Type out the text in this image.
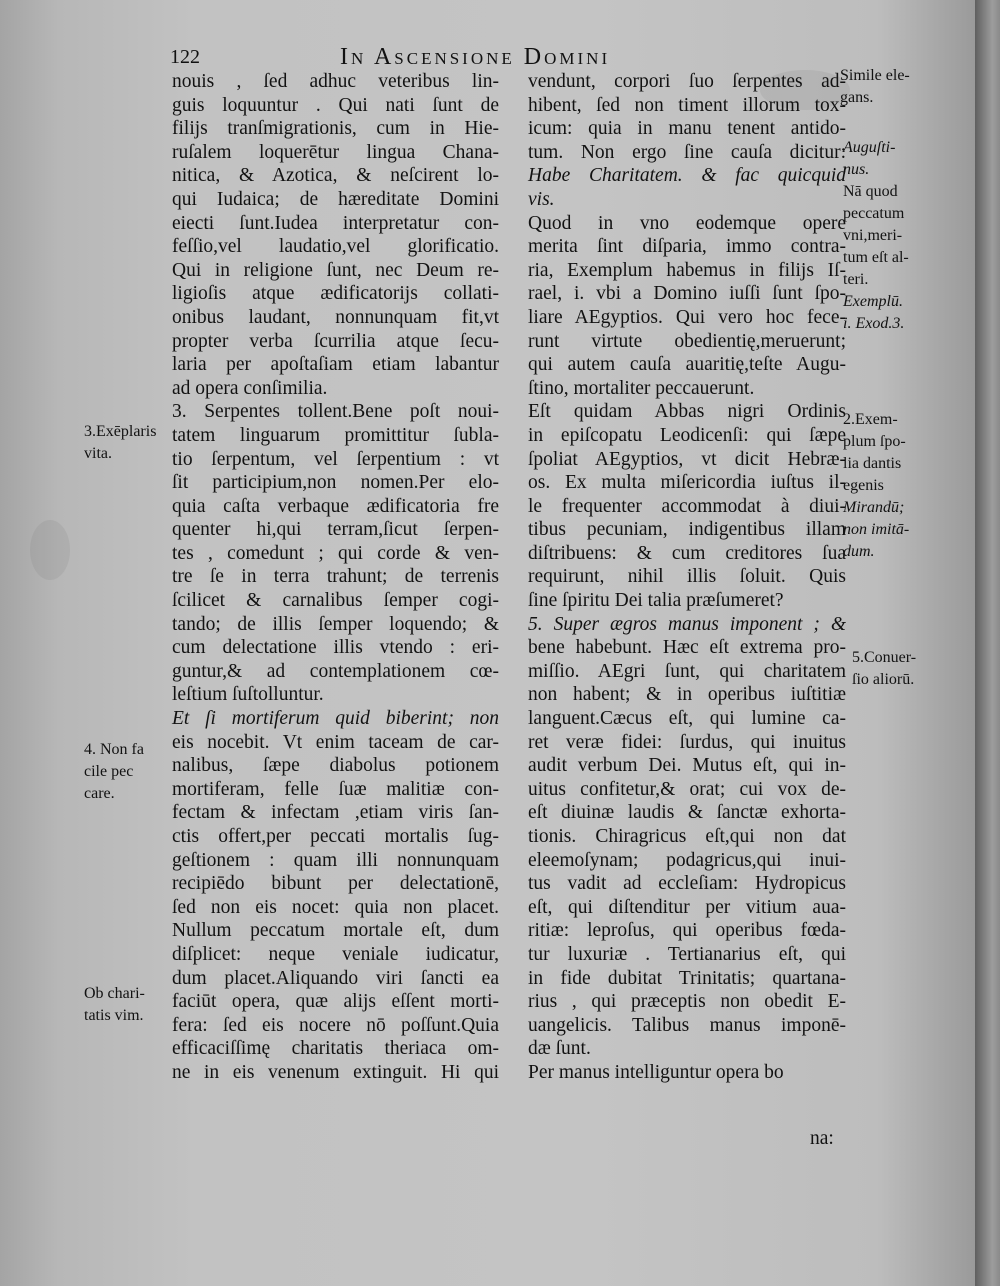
122	In Ascensione Domini
nouis , ſed adhuc veteribus lin-
guis loquuntur . Qui nati ſunt de
filijs tranſmigrationis, cum in Hie-
ruſalem loquerētur lingua Chana-
nitica, & Azotica, & neſcirent lo-
qui Iudaica; de hæreditate Domini
eiecti ſunt.Iudea interpretatur con-
feſſio,vel laudatio,vel glorificatio.
Qui in religione ſunt, nec Deum re-
ligioſis atque ædificatorijs collati-
onibus laudant, nonnunquam fit,vt
propter verba ſcurrilia atque ſecu-
laria per apoſtaſiam etiam labantur
ad opera conſimilia.
3. Serpentes tollent.Bene poſt noui-
tatem linguarum promittitur ſubla-
tio ſerpentum, vel ſerpentium : vt
ſit participium,non nomen.Per elo-
quia caſta verbaque ædificatoria fre
quenter hi,qui terram,ſicut ſerpen-
tes , comedunt ; qui corde & ven-
tre ſe in terra trahunt; de terrenis
ſcilicet & carnalibus ſemper cogi-
tando; de illis ſemper loquendo; &
cum delectatione illis vtendo : eri-
guntur,& ad contemplationem cœ-
leſtium ſuſtolluntur.
Et ſi mortiferum quid biberint; non
eis nocebit. Vt enim taceam de car-
nalibus, ſæpe diabolus potionem
mortiferam, felle ſuæ malitiæ con-
fectam & infectam ,etiam viris ſan-
ctis offert,per peccati mortalis ſug-
geſtionem : quam illi nonnunquam
recipiēdo bibunt per delectationē,
ſed non eis nocet: quia non placet.
Nullum peccatum mortale eſt, dum
diſplicet: neque veniale iudicatur,
dum placet.Aliquando viri ſancti ea
faciūt opera, quæ alijs eſſent morti-
fera: ſed eis nocere nō poſſunt.Quia
efficaciſſimę charitatis theriaca om-
ne in eis venenum extinguit. Hi qui
vendunt, corpori ſuo ſerpentes ad-
hibent, ſed non timent illorum tox-
icum: quia in manu tenent antido-
tum. Non ergo ſine cauſa dicitur:
Habe Charitatem. & fac quicquid
vis.
Quod in vno eodemque opere
merita ſint diſparia, immo contra-
ria, Exemplum habemus in filijs Iſ-
rael, i. vbi a Domino iuſſi ſunt ſpo-
liare AEgyptios. Qui vero hoc fece-
runt virtute obedientię,meruerunt;
qui autem cauſa auaritię,teſte Augu-
ſtino, mortaliter peccauerunt.
Eſt quidam Abbas nigri Ordinis
in epiſcopatu Leodicenſi: qui ſæpe
ſpoliat AEgyptios, vt dicit Hebræ-
os. Ex multa miſericordia iuſtus il-
le frequenter accommodat à diui-
tibus pecuniam, indigentibus illam
diſtribuens: & cum creditores ſua
requirunt, nihil illis ſoluit. Quis
ſine ſpiritu Dei talia præſumeret?
5. Super ægros manus imponent ; &
bene habebunt. Hæc eſt extrema pro-
miſſio. AEgri ſunt, qui charitatem
non habent; & in operibus iuſtitiæ
languent.Cæcus eſt, qui lumine ca-
ret veræ fidei: ſurdus, qui inuitus
audit verbum Dei. Mutus eſt, qui in-
uitus confitetur,& orat; cui vox de-
eſt diuinæ laudis & ſanctæ exhorta-
tionis. Chiragricus eſt,qui non dat
eleemoſynam; podagricus,qui inui-
tus vadit ad eccleſiam: Hydropicus
eſt, qui diſtenditur per vitium aua-
ritiæ: leproſus, qui operibus fœda-
tur luxuriæ . Tertianarius eſt, qui
in fide dubitat Trinitatis; quartana-
rius , qui præceptis non obedit E-
uangelicis. Talibus manus imponē-
dæ ſunt.
Per manus intelliguntur opera bo
na:
Simile ele-
gans.
Auguſti-
nus.
Nā quod
peccatum
vni,meri-
tum eſt al-
teri.
Exemplū.
i. Exod.3.
2.Exem-
plum ſpo-
lia dantis
egenis
Mirandū;
non imitā-
dum.
5.Conuer-
ſio aliorū.
3.Exēplaris
vita.
4. Non fa
cile pec
care.
Ob chari-
tatis vim.
